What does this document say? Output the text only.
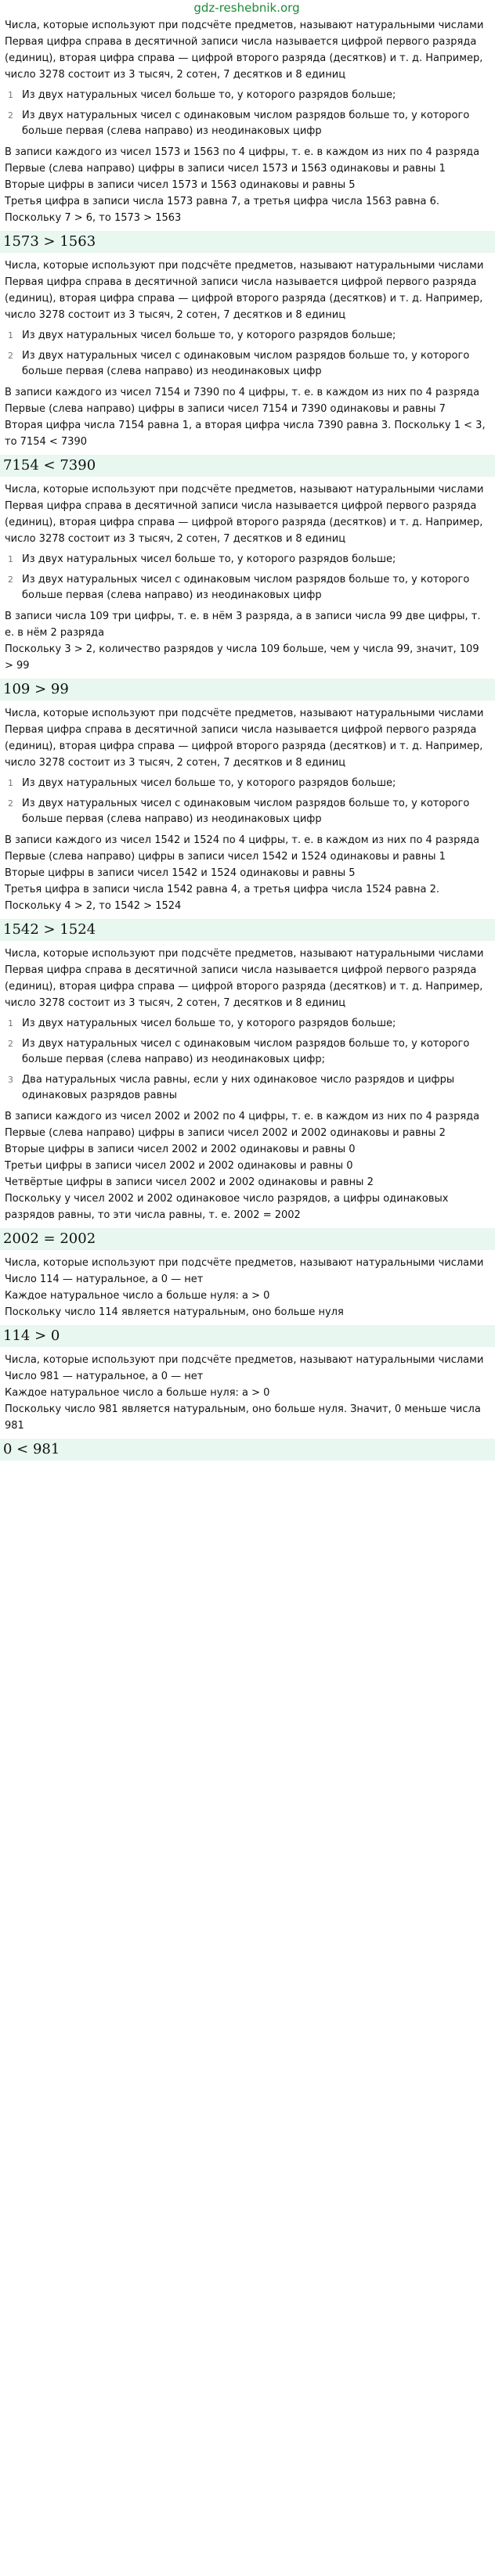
gdz-reshebnik.org

Числа, которые используют при подсчёте предметов, называют натуральными числами

Первая цифра справа в десятичной записи числа называется цифрой первого разряда (единиц), вторая цифра справа — цифрой второго разряда (десятков) и т. д. Например, число 3278 состоит из 3 тысяч, 2 сотен, 7 десятков и 8 единиц

1 Из двух натуральных чисел больше то, у которого разрядов больше;
2 Из двух натуральных чисел с одинаковым числом разрядов больше то, у которого больше первая (слева направо) из неодинаковых цифр

В записи каждого из чисел 1573 и 1563 по 4 цифры, т. е. в каждом из них по 4 разряда

Первые (слева направо) цифры в записи чисел 1573 и 1563 одинаковы и равны 1

Вторые цифры в записи чисел 1573 и 1563 одинаковы и равны 5

Третья цифра в записи числа 1573 равна 7, а третья цифра числа 1563 равна 6. Поскольку 7 > 6, то 1573 > 1563

1573 > 1563

Числа, которые используют при подсчёте предметов, называют натуральными числами

Первая цифра справа в десятичной записи числа называется цифрой первого разряда (единиц), вторая цифра справа — цифрой второго разряда (десятков) и т. д. Например, число 3278 состоит из 3 тысяч, 2 сотен, 7 десятков и 8 единиц

1 Из двух натуральных чисел больше то, у которого разрядов больше;
2 Из двух натуральных чисел с одинаковым числом разрядов больше то, у которого больше первая (слева направо) из неодинаковых цифр

В записи каждого из чисел 7154 и 7390 по 4 цифры, т. е. в каждом из них по 4 разряда

Первые (слева направо) цифры в записи чисел 7154 и 7390 одинаковы и равны 7

Вторая цифра числа 7154 равна 1, а вторая цифра числа 7390 равна 3. Поскольку 1 < 3, то 7154 < 7390

7154 < 7390

Числа, которые используют при подсчёте предметов, называют натуральными числами

Первая цифра справа в десятичной записи числа называется цифрой первого разряда (единиц), вторая цифра справа — цифрой второго разряда (десятков) и т. д. Например, число 3278 состоит из 3 тысяч, 2 сотен, 7 десятков и 8 единиц

1 Из двух натуральных чисел больше то, у которого разрядов больше;
2 Из двух натуральных чисел с одинаковым числом разрядов больше то, у которого больше первая (слева направо) из неодинаковых цифр

В записи числа 109 три цифры, т. е. в нём 3 разряда, а в записи числа 99 две цифры, т. е. в нём 2 разряда

Поскольку 3 > 2, количество разрядов у числа 109 больше, чем у числа 99, значит, 109 > 99

109 > 99

Числа, которые используют при подсчёте предметов, называют натуральными числами

Первая цифра справа в десятичной записи числа называется цифрой первого разряда (единиц), вторая цифра справа — цифрой второго разряда (десятков) и т. д. Например, число 3278 состоит из 3 тысяч, 2 сотен, 7 десятков и 8 единиц

1 Из двух натуральных чисел больше то, у которого разрядов больше;
2 Из двух натуральных чисел с одинаковым числом разрядов больше то, у которого больше первая (слева направо) из неодинаковых цифр

В записи каждого из чисел 1542 и 1524 по 4 цифры, т. е. в каждом из них по 4 разряда

Первые (слева направо) цифры в записи чисел 1542 и 1524 одинаковы и равны 1

Вторые цифры в записи чисел 1542 и 1524 одинаковы и равны 5

Третья цифра в записи числа 1542 равна 4, а третья цифра числа 1524 равна 2. Поскольку 4 > 2, то 1542 > 1524

1542 > 1524

Числа, которые используют при подсчёте предметов, называют натуральными числами

Первая цифра справа в десятичной записи числа называется цифрой первого разряда (единиц), вторая цифра справа — цифрой второго разряда (десятков) и т. д. Например, число 3278 состоит из 3 тысяч, 2 сотен, 7 десятков и 8 единиц

1 Из двух натуральных чисел больше то, у которого разрядов больше;
2 Из двух натуральных чисел с одинаковым числом разрядов больше то, у которого больше первая (слева направо) из неодинаковых цифр;
3 Два натуральных числа равны, если у них одинаковое число разрядов и цифры одинаковых разрядов равны

В записи каждого из чисел 2002 и 2002 по 4 цифры, т. е. в каждом из них по 4 разряда

Первые (слева направо) цифры в записи чисел 2002 и 2002 одинаковы и равны 2

Вторые цифры в записи чисел 2002 и 2002 одинаковы и равны 0

Третьи цифры в записи чисел 2002 и 2002 одинаковы и равны 0

Четвёртые цифры в записи чисел 2002 и 2002 одинаковы и равны 2

Поскольку у чисел 2002 и 2002 одинаковое число разрядов, а цифры одинаковых разрядов равны, то эти числа равны, т. е. 2002 = 2002

2002 = 2002

Числа, которые используют при подсчёте предметов, называют натуральными числами

Число 114 — натуральное, а 0 — нет

Каждое натуральное число a больше нуля: a > 0

Поскольку число 114 является натуральным, оно больше нуля

114 > 0

Числа, которые используют при подсчёте предметов, называют натуральными числами

Число 981 — натуральное, а 0 — нет

Каждое натуральное число a больше нуля: a > 0

Поскольку число 981 является натуральным, оно больше нуля. Значит, 0 меньше числа 981

0 < 981
